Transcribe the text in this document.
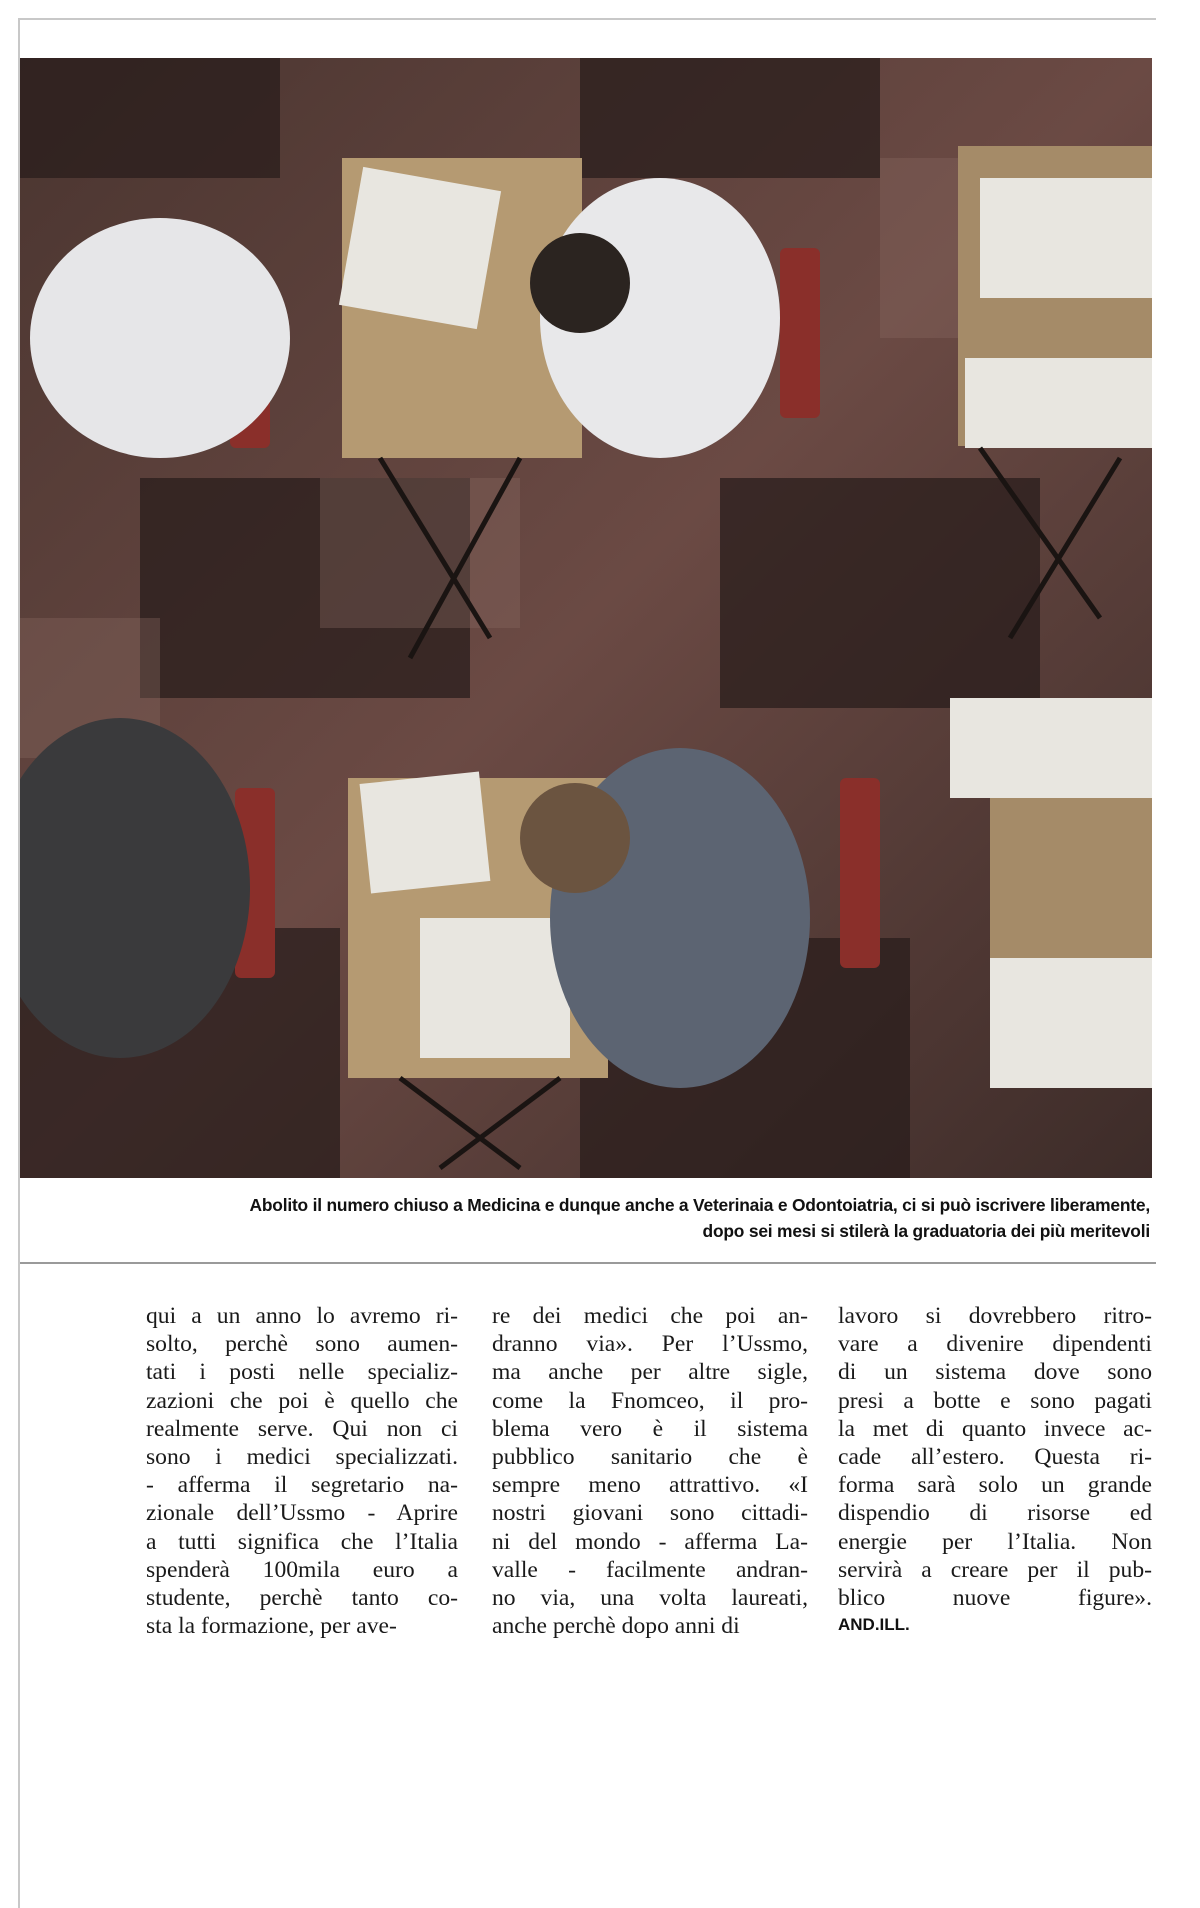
Abolito il numero chiuso a Medicina e dunque anche a Veterinaia e Odontoiatria, ci si può iscrivere liberamente,
dopo sei mesi si stilerà la graduatoria dei più meritevoli
qui a un anno lo avremo ri-
solto, perchè sono aumen-
tati i posti nelle specializ-
zazioni che poi è quello che
realmente serve. Qui non ci
sono i medici specializzati.
- afferma il segretario na-
zionale dell’Ussmo - Aprire
a tutti significa che l’Italia
spenderà 100mila euro a
studente, perchè tanto co-
sta la formazione, per ave-
re dei medici che poi an-
dranno via». Per l’Ussmo,
ma anche per altre sigle,
come la Fnomceo, il pro-
blema vero è il sistema
pubblico sanitario che è
sempre meno attrattivo. «I
nostri giovani sono cittadi-
ni del mondo - afferma La-
valle - facilmente andran-
no via, una volta laureati,
anche perchè dopo anni di
lavoro si dovrebbero ritro-
vare a divenire dipendenti
di un sistema dove sono
presi a botte e sono pagati
la met di quanto invece ac-
cade all’estero. Questa ri-
forma sarà solo un grande
dispendio di risorse ed
energie per l’Italia. Non
servirà a creare per il pub-
blico nuove figure».
AND.ILL.
